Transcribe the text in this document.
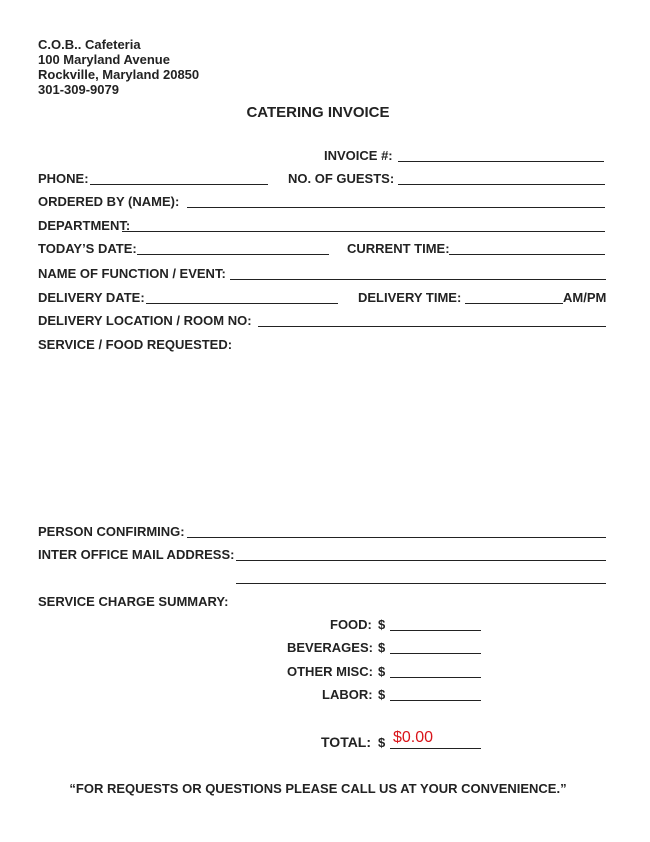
C.O.B.. Cafeteria
100 Maryland Avenue
Rockville, Maryland 20850
301-309-9079
CATERING INVOICE
INVOICE #:
PHONE:	NO. OF GUESTS:
ORDERED BY (NAME):
DEPARTMENT:
TODAY’S DATE:	CURRENT TIME:
NAME OF FUNCTION / EVENT:
DELIVERY DATE:	DELIVERY TIME:	AM/PM
DELIVERY LOCATION / ROOM NO:
SERVICE / FOOD REQUESTED:
PERSON CONFIRMING:
INTER OFFICE MAIL ADDRESS:
SERVICE CHARGE SUMMARY:
FOOD: $
BEVERAGES: $
OTHER MISC: $
LABOR: $
TOTAL: $ $0.00
“FOR REQUESTS OR QUESTIONS PLEASE CALL US AT YOUR CONVENIENCE.”
